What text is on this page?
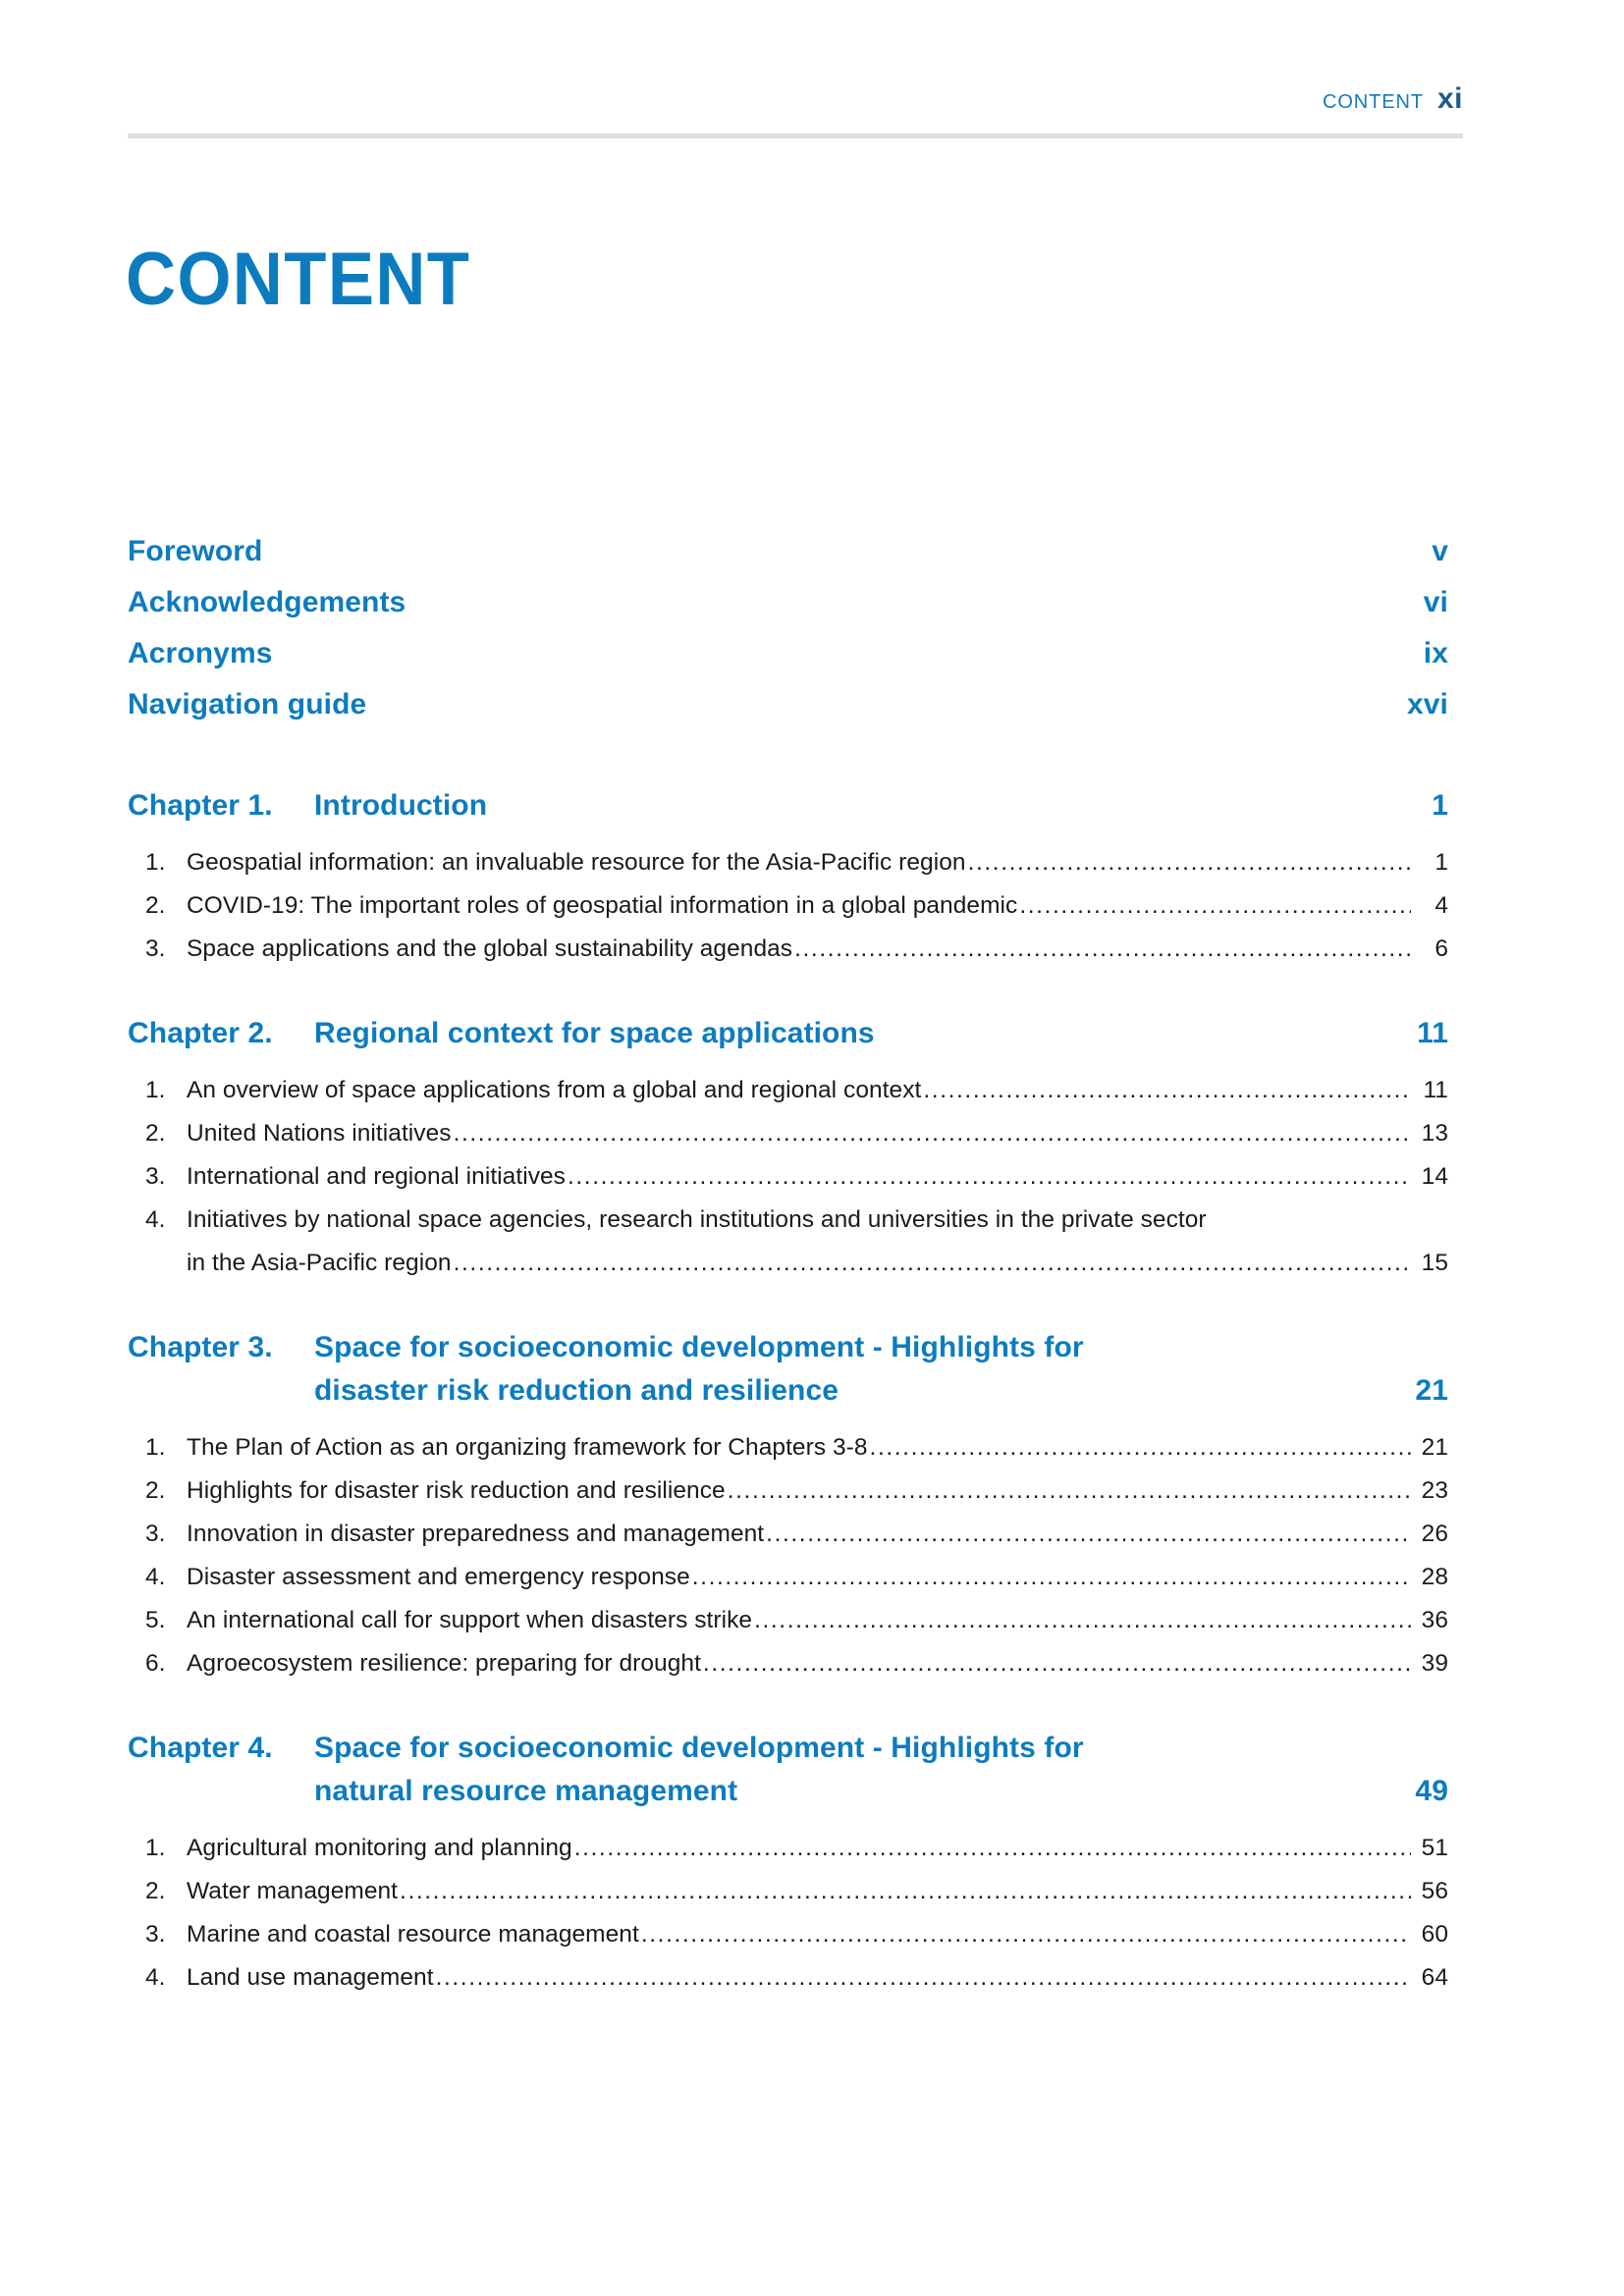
CONTENT xi
CONTENT
Foreword	v
Acknowledgements	vi
Acronyms	ix
Navigation guide	xvi
Chapter 1.	Introduction	1
1. Geospatial information: an invaluable resource for the Asia-Pacific region .....	1
2. COVID-19: The important roles of geospatial information in a global pandemic .....	4
3. Space applications and the global sustainability agendas .....	6
Chapter 2.	Regional context for space applications	11
1. An overview of space applications from a global and regional context .....	11
2. United Nations initiatives .....	13
3. International and regional initiatives .....	14
4. Initiatives by national space agencies, research institutions and universities in the private sector
in the Asia-Pacific region .....	15
Chapter 3.	Space for socioeconomic development - Highlights for
disaster risk reduction and resilience	21
1. The Plan of Action as an organizing framework for Chapters 3-8 .....	21
2. Highlights for disaster risk reduction and resilience .....	23
3. Innovation in disaster preparedness and management .....	26
4. Disaster assessment and emergency response .....	28
5. An international call for support when disasters strike .....	36
6. Agroecosystem resilience: preparing for drought .....	39
Chapter 4.	Space for socioeconomic development - Highlights for
natural resource management	49
1. Agricultural monitoring and planning .....	51
2. Water management .....	56
3. Marine and coastal resource management .....	60
4. Land use management .....	64
